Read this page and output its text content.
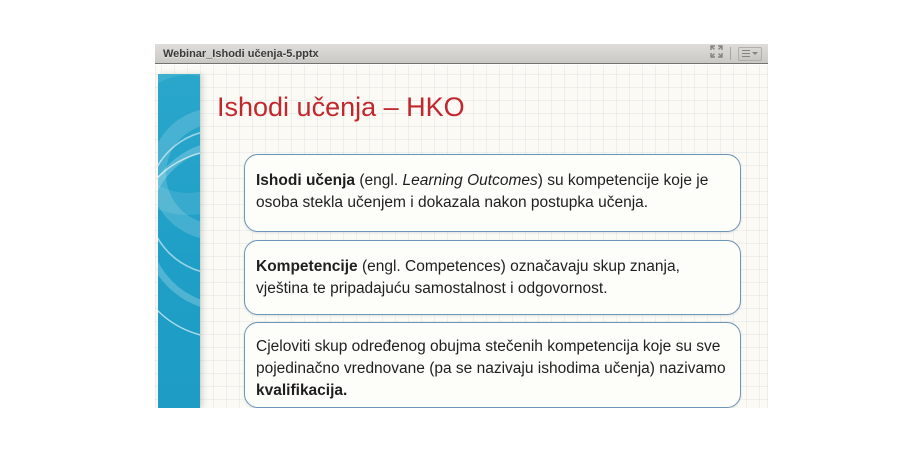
Webinar_Ishodi učenja-5.pptx
Ishodi učenja – HKO
Ishodi učenja (engl. Learning Outcomes) su kompetencije koje je osoba stekla učenjem i dokazala nakon postupka učenja.
Kompetencije (engl. Competences) označavaju skup znanja, vještina te pripadajuću samostalnost i odgovornost.
Cjeloviti skup određenog obujma stečenih kompetencija koje su sve pojedinačno vrednovane (pa se nazivaju ishodima učenja) nazivamo kvalifikacija.
